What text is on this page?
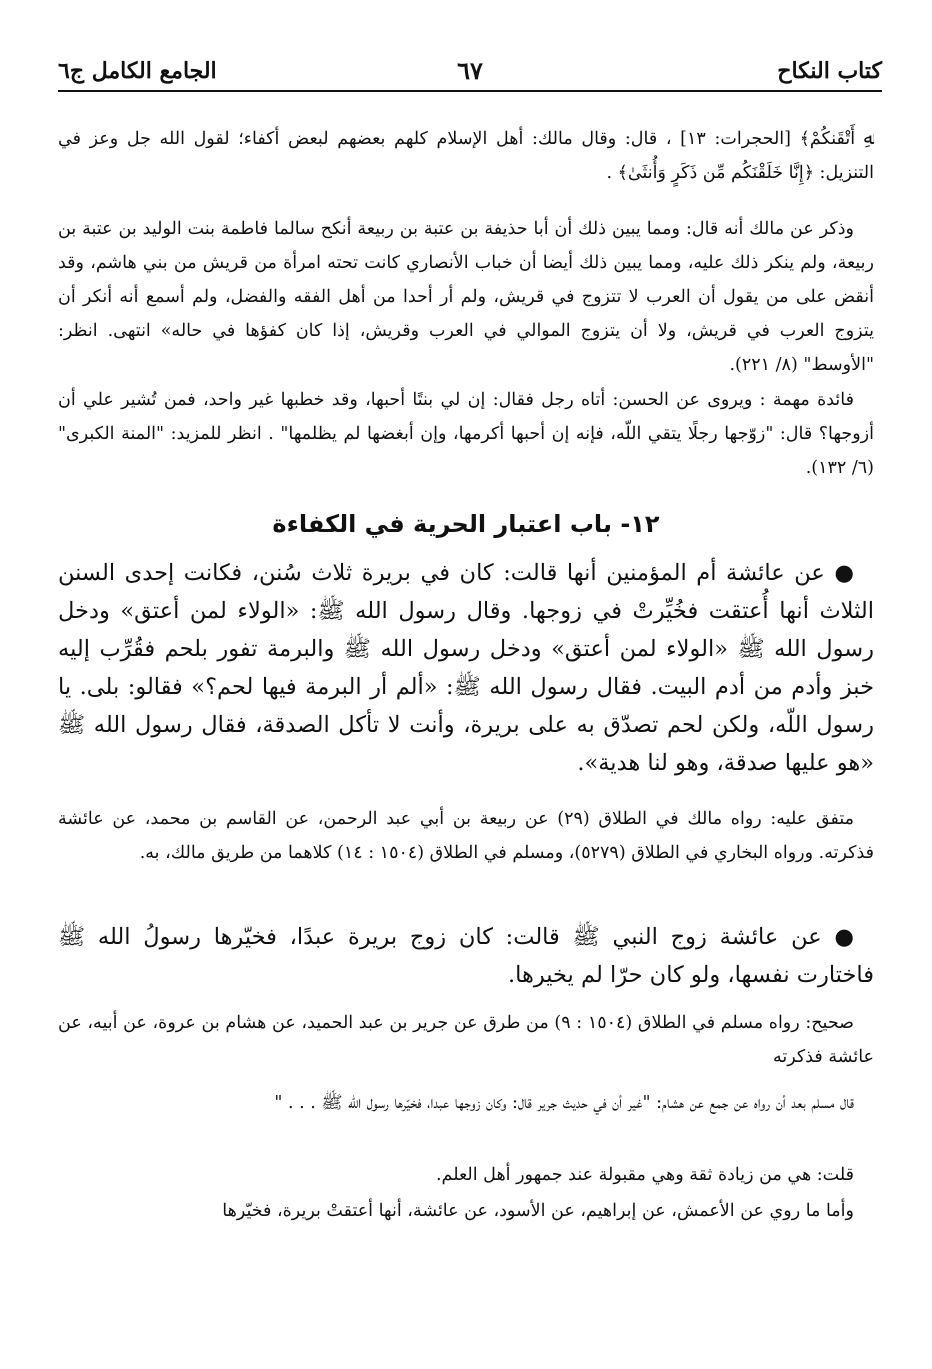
كتاب النكاح
٦٧
الجامع الكامل ج٦

ﷲِ أَتْقَنكُمْ﴾ [الحجرات: ١٣] ، قال: وقال مالك: أهل الإسلام كلهم بعضهم لبعض أكفاء؛ لقول الله جل وعز في التنزيل: ﴿إِنَّا خَلَقْنَكُم مِّن ذَكَرٍ وَأُنثَىٰ﴾ .

وذكر عن مالك أنه قال: ومما يبين ذلك أن أبا حذيفة بن عتبة بن ربيعة أنكح سالما فاطمة بنت الوليد بن عتبة بن ربيعة، ولم ينكر ذلك عليه، ومما يبين ذلك أيضا أن خباب الأنصاري كانت تحته امرأة من قريش من بني هاشم، وقد أنقض على من يقول أن العرب لا تتزوج في قريش، ولم أر أحدا من أهل الفقه والفضل، ولم أسمع أنه أنكر أن يتزوج العرب في قريش، ولا أن يتزوج الموالي في العرب وقريش، إذا كان كفؤها في حاله» انتهى. انظر: "الأوسط" (٨/ ٢٢١).

فائدة مهمة : ويروى عن الحسن: أتاه رجل فقال: إن لي بنتًا أحبها، وقد خطبها غير واحد، فمن تُشير علي أن أزوجها؟ قال: "زوّجها رجلًا يتقي اللّه، فإنه إن أحبها أكرمها، وإن أبغضها لم يظلمها" . انظر للمزيد: "المنة الكبرى" (٦/ ١٣٢).

١٢- باب اعتبار الحرية في الكفاءة

● عن عائشة أم المؤمنين أنها قالت: كان في بريرة ثلاث سُنن، فكانت إحدى السنن الثلاث أنها أُعتقت فخُيِّرتْ في زوجها. وقال رسول الله ﷺ: «الولاء لمن أعتق» ودخل رسول الله ﷺ «الولاء لمن أعتق» ودخل رسول الله ﷺ والبرمة تفور بلحم فقُرِّب إليه خبز وأدم من أدم البيت. فقال رسول الله ﷺ: «ألم أر البرمة فيها لحم؟» فقالو: بلى. يا رسول اللّه، ولكن لحم تصدّق به على بريرة، وأنت لا تأكل الصدقة، فقال رسول الله ﷺ «هو عليها صدقة، وهو لنا هدية».

متفق عليه: رواه مالك في الطلاق (٢٩) عن ربيعة بن أبي عبد الرحمن، عن القاسم بن محمد، عن عائشة فذكرته. ورواه البخاري في الطلاق (٥٢٧٩)، ومسلم في الطلاق (١٥٠٤ : ١٤) كلاهما من طريق مالك، به.

● عن عائشة زوج النبي ﷺ قالت: كان زوج بريرة عبدًا، فخيّرها رسولُ الله ﷺ فاختارت نفسها، ولو كان حرّا لم يخيرها.

صحيح: رواه مسلم في الطلاق (١٥٠٤ : ٩) من طرق عن جرير بن عبد الحميد، عن هشام بن عروة، عن أبيه، عن عائشة فذكرته

قال مسلم بعد أن رواه عن جمع عن هشام: "غير أن في حديث جرير قال: وكان زوجها عبدا، فخيّرها رسول الله ﷺ . . . "

قلت: هي من زيادة ثقة وهي مقبولة عند جمهور أهل العلم.

وأما ما روي عن الأعمش، عن إبراهيم، عن الأسود، عن عائشة، أنها أعتقتْ بريرة، فخيّرها
